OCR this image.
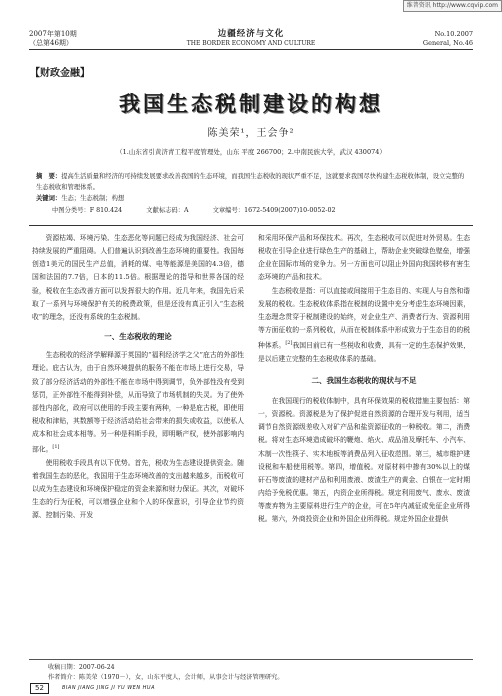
维普资讯 http://www.cqvip.com
2007年第10期
（总第46期）
边疆经济与文化
THE BORDER ECONOMY AND CULTURE
No.10.2007
General, No.46
【财政金融】
我国生态税制建设的构想
陈美荣¹，王会争²
（1.山东省引黄济青工程平度管理处，山东 平度 266700；2.中南民族大学，武汉 430074）
摘　要：提高生活质量和经济的可持续发展要求改善我国的生态环境，而我国生态税收的现状严重不足，这就要求我国尽快构建生态税收体制，设立完整的生态税收和管理体系。
关键词：生态；生态税制；构想
中图分类号：F 810.424	文献标志码：A	文章编号：1672-5409(2007)10-0052-02

资源枯竭、环境污染、生态恶化等问题已经成为我国经济、社会可持续发展的严重阻碍。人们普遍认识到改善生态环境的重要性。我国每创造1美元的国民生产总值，消耗的煤、电等能源是美国的4.3倍，德国和法国的7.7倍，日本的11.5倍。根据理论的指导和世界各国的经验，税收在生态改善方面可以发挥很大的作用。近几年来，我国先后采取了一系列与环境保护有关的税费政策，但是还没有真正引入“生态税收”的理念，还没有系统的生态税制。

一、生态税收的理论

生态税收的经济学解释源于英国的“福利经济学之父”庇古的外部性理论。庇古认为，由于自然环境提供的服务不能在市场上进行交易，导致了部分经济活动的外部性不能在市场中得到调节，负外部性没有受到惩罚，正外部性不能得到补偿，从而导致了市场机制的失灵。为了使外部性内部化，政府可以使用的手段主要有两种，一种是庇古税，即使用税收和津贴，其数额等于经济活动给社会带来的损失或收益，以使私人成本和社会成本相等。另一种是科斯手段，即明晰产权，使外部影响内部化。[1]

使用税收手段具有以下优势。首先，税收为生态建设提供资金。随着我国生态的恶化，我国用于生态环境改善的支出越来越多，而税收可以成为生态建设和环境保护稳定的资金来源和财力保证。其次，对破坏生态的行为征税，可以增强企业和个人的环保意识，引导企业节约资源、控制污染、开发

和采用环保产品和环保技术。再次，生态税收可以促进对外贸易。生态税收在引导企业进行绿色生产的基础上，帮助企业突破绿色壁垒，增强企业在国际市场的竞争力。另一方面也可以阻止外国向我国转移有害生态环境的产品和技术。

生态税收是指：可以直接或间接用于生态目的、实现人与自然和谐发展的税收。生态税收体系指在税制的设置中充分考虑生态环境因素，生态理念贯穿于税制建设的始终，对企业生产、消费者行为、资源利用等方面征收的一系列税收，从而在税制体系中形成致力于生态目的的税种体系。[2]我国目前已有一些税收和收费，具有一定的生态保护效果，是以后建立完整的生态税收体系的基础。

二、我国生态税收的现状与不足

在我国现行的税收体制中，具有环保效果的税收措施主要包括：第一，资源税。资源税是为了保护促进自然资源的合理开发与利用，适当调节自然资源级差收入对矿产品和盐资源征收的一种税收。第二，消费税。将对生态环境造成破坏的鞭炮、焰火、成品油及摩托车、小汽车、木制一次性筷子、实木地板等消费品列入征收范围。第三，城市维护建设税和车船使用税等。第四，增值税。对原材料中掺有30%以上的煤矸石等废渣的建材产品和利用废液、废渣生产的黄金、白银在一定时期内给予免税优惠。第五，内资企业所得税。规定利用废气、废水、废渣等废弃物为主要原料进行生产的企业，可在5年内减征或免征企业所得税。第六，外商投资企业和外国企业所得税。规定外国企业提供

收稿日期：2007-06-24
作者简介：陈美荣（1970－），女，山东平度人，会计师，从事会计与经济管理研究。
52	BIAN JIANG JING JI YU WEN HUA
